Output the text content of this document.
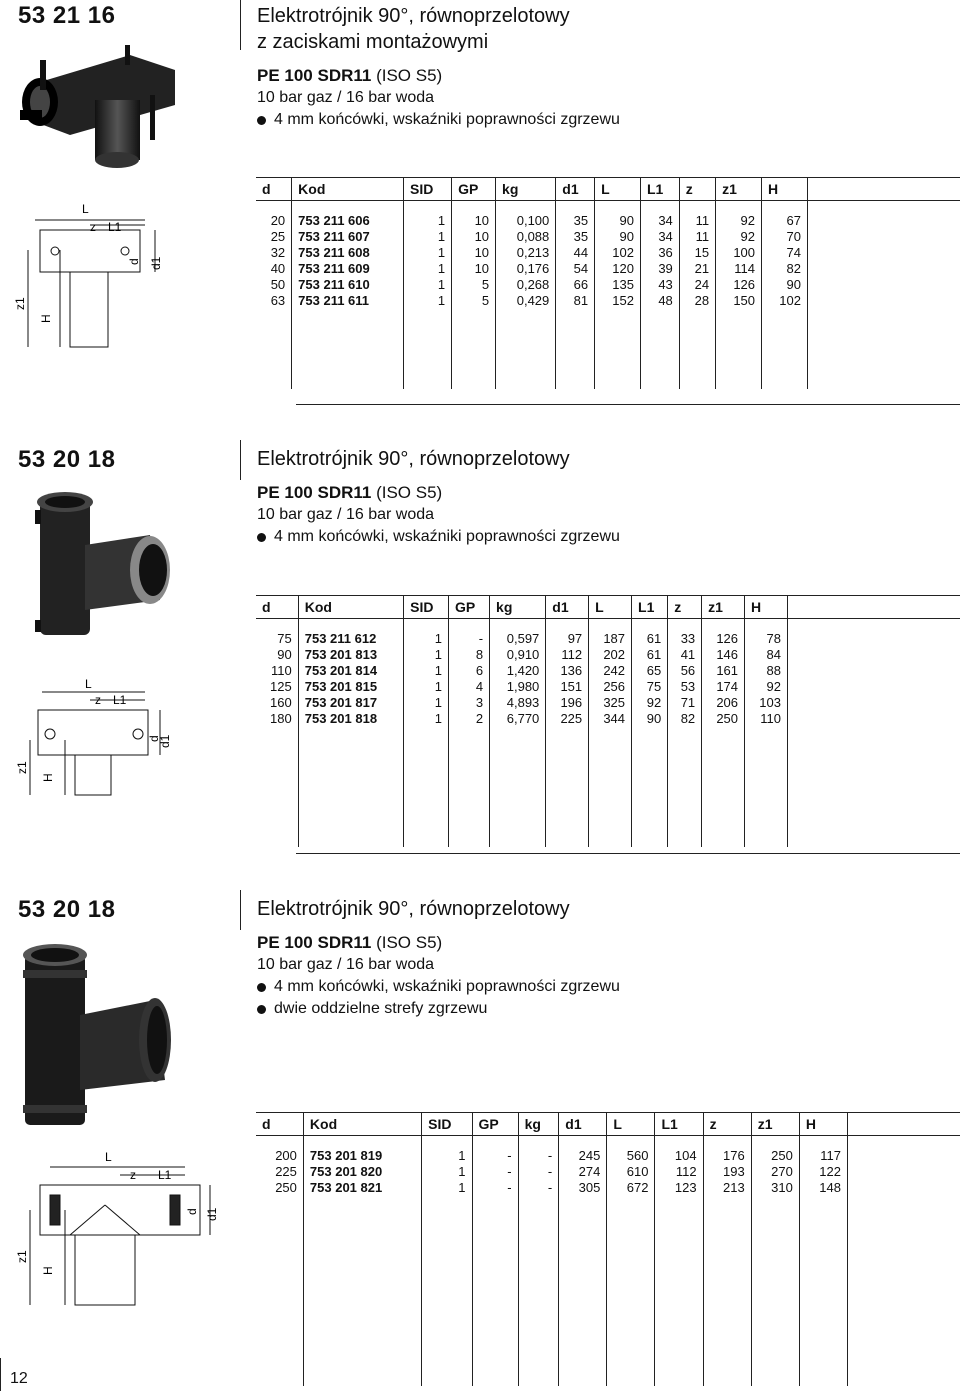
53 21 16	Elektrotrójnik 90°, równoprzelotowy
z zaciskami montażowymi
PE 100 SDR11 (ISO S5)
10 bar gaz / 16 bar woda
4 mm końcówki, wskaźniki poprawności zgrzewu
L
z L1
d d1
H
z1
d	Kod	SID	GP	kg	d1	L	L1	z	z1	H	

20	753 211 606	1	10	0,100	35	90	34	11	92	67	
25	753 211 607	1	10	0,088	35	90	34	11	92	70	
32	753 211 608	1	10	0,213	44	102	36	15	100	74	
40	753 211 609	1	10	0,176	54	120	39	21	114	82	
50	753 211 610	1	5	0,268	66	135	43	24	126	90	
63	753 211 611	1	5	0,429	81	152	48	28	150	102	

53 20 18	Elektrotrójnik 90°, równoprzelotowy
PE 100 SDR11 (ISO S5)
10 bar gaz / 16 bar woda
4 mm końcówki, wskaźniki poprawności zgrzewu
L
z L1
d
d1
H
z1
d	Kod	SID	GP	kg	d1	L	L1	z	z1	H	

75	753 211 612	1	-	0,597	97	187	61	33	126	78	
90	753 201 813	1	8	0,910	112	202	61	41	146	84	
110	753 201 814	1	6	1,420	136	242	65	56	161	88	
125	753 201 815	1	4	1,980	151	256	75	53	174	92	
160	753 201 817	1	3	4,893	196	325	92	71	206	103	
180	753 201 818	1	2	6,770	225	344	90	82	250	110	

53 20 18	Elektrotrójnik 90°, równoprzelotowy
PE 100 SDR11 (ISO S5)
10 bar gaz / 16 bar woda
4 mm końcówki, wskaźniki poprawności zgrzewu
dwie oddzielne strefy zgrzewu
L
z L1
d d1
H
z1
d	Kod	SID	GP	kg	d1	L	L1	z	z1	H	

200	753 201 819	1	-	-	245	560	104	176	250	117	
225	753 201 820	1	-	-	274	610	112	193	270	122	
250	753 201 821	1	-	-	305	672	123	213	310	148	

12
